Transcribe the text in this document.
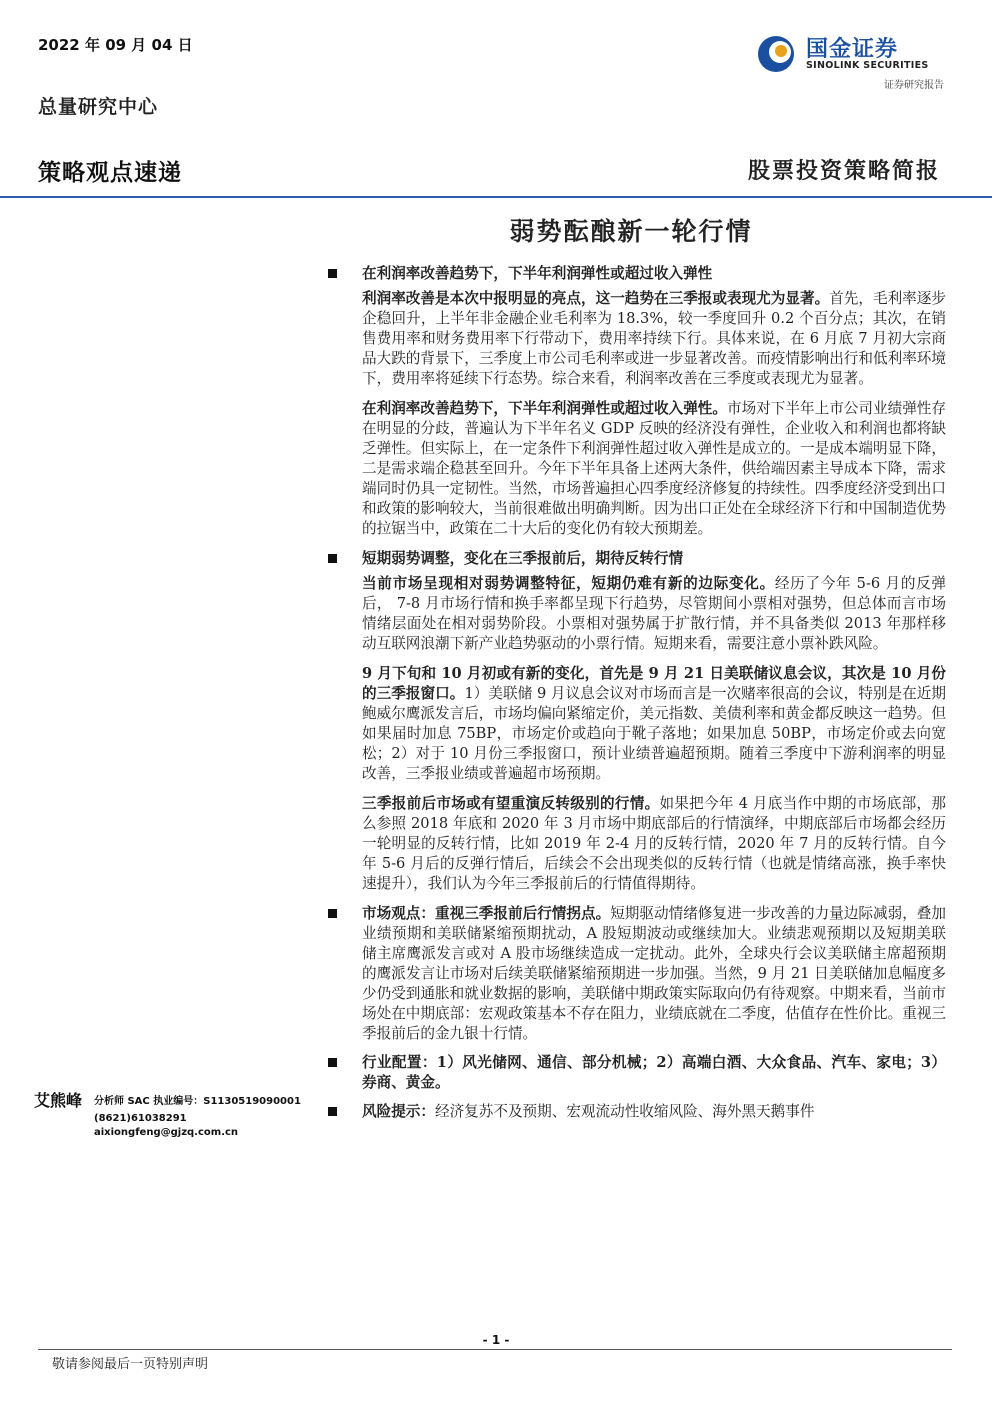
2022 年 09 月 04 日
总量研究中心
国金证券
SINOLINK SECURITIES
证券研究报告
策略观点速递	股票投资策略简报
弱势酝酿新一轮行情
在利润率改善趋势下，下半年利润弹性或超过收入弹性

利润率改善是本次中报明显的亮点，这一趋势在三季报或表现尤为显著。首先，毛利率逐步企稳回升，上半年非金融企业毛利率为 18.3%，较一季度回升 0.2 个百分点；其次，在销售费用率和财务费用率下行带动下，费用率持续下行。具体来说，在 6 月底 7 月初大宗商品大跌的背景下，三季度上市公司毛利率或进一步显著改善。而疫情影响出行和低利率环境下，费用率将延续下行态势。综合来看，利润率改善在三季度或表现尤为显著。

在利润率改善趋势下，下半年利润弹性或超过收入弹性。市场对下半年上市公司业绩弹性存在明显的分歧，普遍认为下半年名义 GDP 反映的经济没有弹性，企业收入和利润也都将缺乏弹性。但实际上，在一定条件下利润弹性超过收入弹性是成立的。一是成本端明显下降，二是需求端企稳甚至回升。今年下半年具备上述两大条件，供给端因素主导成本下降，需求端同时仍具一定韧性。当然，市场普遍担心四季度经济修复的持续性。四季度经济受到出口和政策的影响较大，当前很难做出明确判断。因为出口正处在全球经济下行和中国制造优势的拉锯当中，政策在二十大后的变化仍有较大预期差。

短期弱势调整，变化在三季报前后，期待反转行情

当前市场呈现相对弱势调整特征，短期仍难有新的边际变化。经历了今年 5-6 月的反弹后， 7-8 月市场行情和换手率都呈现下行趋势，尽管期间小票相对强势，但总体而言市场情绪层面处在相对弱势阶段。小票相对强势属于扩散行情，并不具备类似 2013 年那样移动互联网浪潮下新产业趋势驱动的小票行情。短期来看，需要注意小票补跌风险。

9 月下旬和 10 月初或有新的变化，首先是 9 月 21 日美联储议息会议，其次是 10 月份的三季报窗口。1）美联储 9 月议息会议对市场而言是一次赌率很高的会议，特别是在近期鲍威尔鹰派发言后，市场均偏向紧缩定价，美元指数、美债利率和黄金都反映这一趋势。但如果届时加息 75BP，市场定价或趋向于靴子落地；如果加息 50BP，市场定价或去向宽松；2）对于 10 月份三季报窗口，预计业绩普遍超预期。随着三季度中下游利润率的明显改善，三季报业绩或普遍超市场预期。

三季报前后市场或有望重演反转级别的行情。如果把今年 4 月底当作中期的市场底部，那么参照 2018 年底和 2020 年 3 月市场中期底部后的行情演绎，中期底部后市场都会经历一轮明显的反转行情，比如 2019 年 2-4 月的反转行情，2020 年 7 月的反转行情。自今年 5-6 月后的反弹行情后，后续会不会出现类似的反转行情（也就是情绪高涨，换手率快速提升），我们认为今年三季报前后的行情值得期待。

市场观点：重视三季报前后行情拐点。短期驱动情绪修复进一步改善的力量边际减弱，叠加业绩预期和美联储紧缩预期扰动，A 股短期波动或继续加大。业绩悲观预期以及短期美联储主席鹰派发言或对 A 股市场继续造成一定扰动。此外，全球央行会议美联储主席超预期的鹰派发言让市场对后续美联储紧缩预期进一步加强。当然，9 月 21 日美联储加息幅度多少仍受到通胀和就业数据的影响，美联储中期政策实际取向仍有待观察。中期来看，当前市场处在中期底部：宏观政策基本不存在阻力，业绩底就在二季度，估值存在性价比。重视三季报前后的金九银十行情。

行业配置：1）风光储网、通信、部分机械；2）高端白酒、大众食品、汽车、家电；3）券商、黄金。

风险提示：经济复苏不及预期、宏观流动性收缩风险、海外黑天鹅事件

艾熊峰 分析师 SAC 执业编号：S1130519090001
(8621)61038291
aixiongfeng@gjzq.com.cn
- 1 -
敬请参阅最后一页特别声明
